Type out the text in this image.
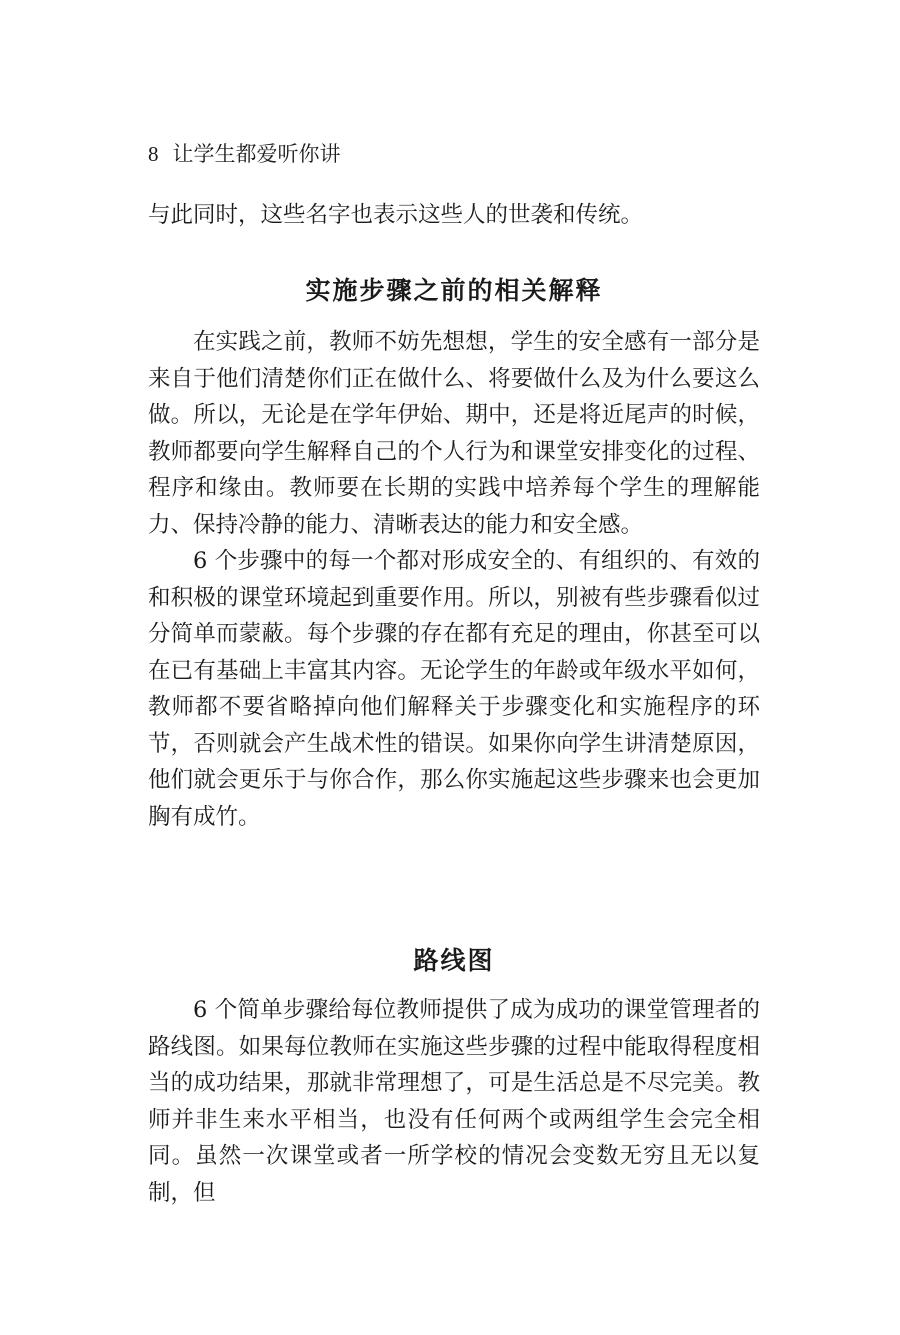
8 让学生都爱听你讲

与此同时，这些名字也表示这些人的世袭和传统。

实施步骤之前的相关解释

在实践之前，教师不妨先想想，学生的安全感有一部分是来自于他们清楚你们正在做什么、将要做什么及为什么要这么做。所以，无论是在学年伊始、期中，还是将近尾声的时候，教师都要向学生解释自己的个人行为和课堂安排变化的过程、程序和缘由。教师要在长期的实践中培养每个学生的理解能力、保持冷静的能力、清晰表达的能力和安全感。

6 个步骤中的每一个都对形成安全的、有组织的、有效的和积极的课堂环境起到重要作用。所以，别被有些步骤看似过分简单而蒙蔽。每个步骤的存在都有充足的理由，你甚至可以在已有基础上丰富其内容。无论学生的年龄或年级水平如何，教师都不要省略掉向他们解释关于步骤变化和实施程序的环节，否则就会产生战术性的错误。如果你向学生讲清楚原因，他们就会更乐于与你合作，那么你实施起这些步骤来也会更加胸有成竹。

路线图

6 个简单步骤给每位教师提供了成为成功的课堂管理者的路线图。如果每位教师在实施这些步骤的过程中能取得程度相当的成功结果，那就非常理想了，可是生活总是不尽完美。教师并非生来水平相当，也没有任何两个或两组学生会完全相同。虽然一次课堂或者一所学校的情况会变数无穷且无以复制，但
